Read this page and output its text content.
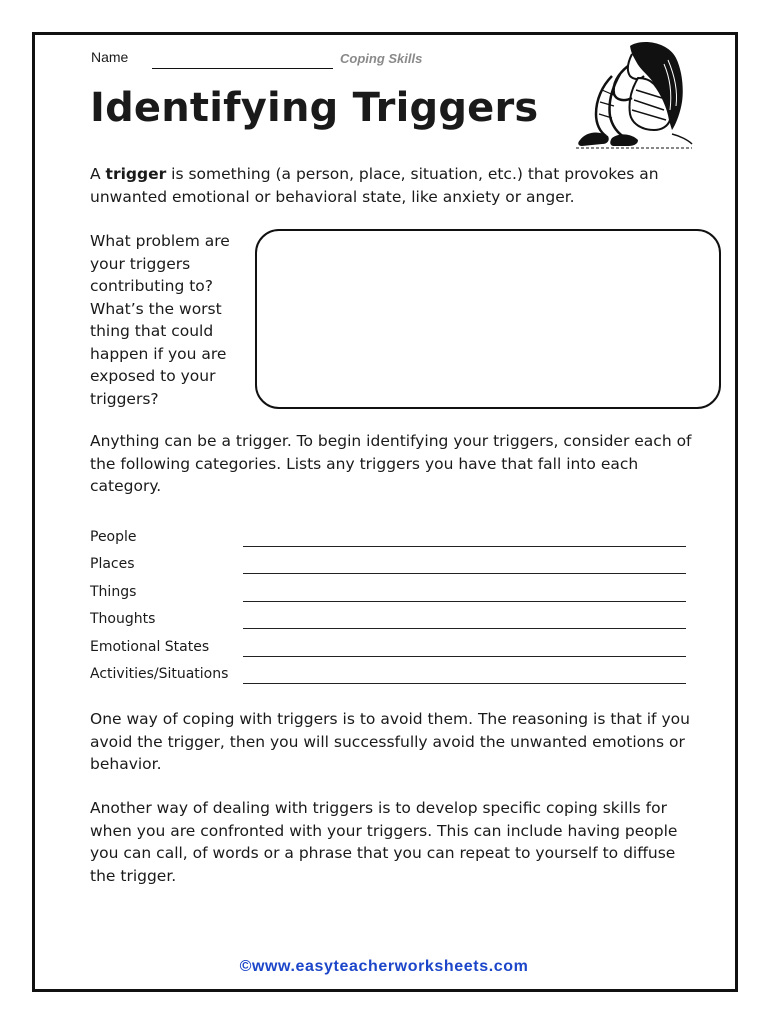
Name	Coping Skills
Identifying Triggers

A trigger is something (a person, place, situation, etc.) that provokes an unwanted emotional or behavioral state, like anxiety or anger.

What problem are your triggers contributing to? What’s the worst thing that could happen if you are exposed to your triggers?

Anything can be a trigger. To begin identifying your triggers, consider each of the following categories. Lists any triggers you have that fall into each category.

People
Places
Things
Thoughts
Emotional States
Activities/Situations

One way of coping with triggers is to avoid them. The reasoning is that if you avoid the trigger, then you will successfully avoid the unwanted emotions or behavior.

Another way of dealing with triggers is to develop specific coping skills for when you are confronted with your triggers. This can include having people you can call, of words or a phrase that you can repeat to yourself to diffuse the trigger.

©www.easyteacherworksheets.com
